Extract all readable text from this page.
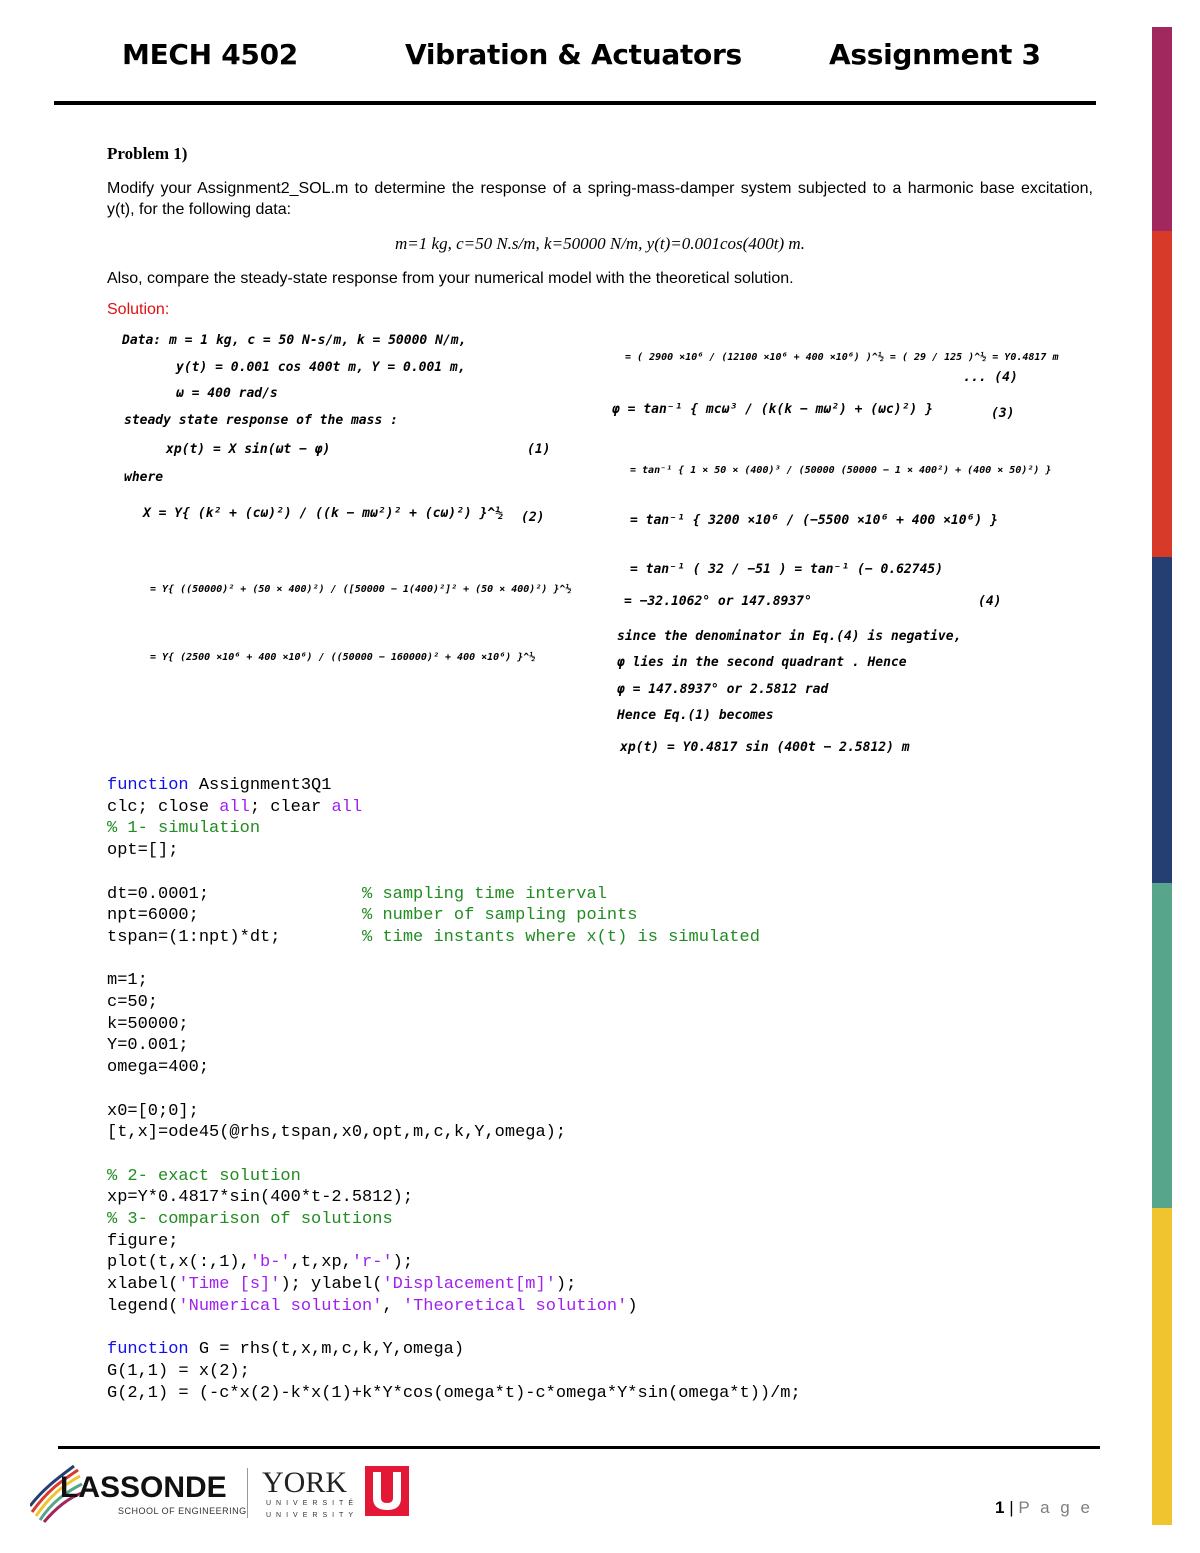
MECH 4502	Vibration & Actuators	Assignment 3
Problem 1)
Modify your Assignment2_SOL.m to determine the response of a spring-mass-damper system subjected to a harmonic base excitation, y(t), for the following data:
m=1 kg, c=50 N.s/m, k=50000 N/m, y(t)=0.001cos(400t) m.
Also, compare the steady-state response from your numerical model with the theoretical solution.
Solution:
Data: m = 1 kg, c = 50 N-s/m, k = 50000 N/m,
y(t) = 0.001 cos 400t m, Y = 0.001 m,
ω = 400 rad/s
steady state response of the mass :
xp(t) = X sin(ωt − φ)	(1)
where
X = Y{ (k² + (cω)²) / ((k − mω²)² + (cω)²) }^½ (2)
= Y{ ((50000)² + (50 × 400)²) / ([50000 − 1(400)²]² + (50 × 400)²) }^½
= Y{ (2500 ×10⁶ + 400 ×10⁶) / ((50000 − 160000)² + 400 ×10⁶) }^½
= ( 2900 ×10⁶ / (12100 ×10⁶ + 400 ×10⁶) )^½ = ( 29 / 125 )^½ = Y0.4817 m
... (4)
φ = tan⁻¹ { mcω³ / (k(k − mω²) + (ωc)²) }	(3)
= tan⁻¹ { 1 × 50 × (400)³ / (50000 (50000 − 1 × 400²) + (400 × 50)²) }
= tan⁻¹ { 3200 ×10⁶ / (−5500 ×10⁶ + 400 ×10⁶) }
= tan⁻¹ ( 32 / −51 ) = tan⁻¹ (− 0.62745)
= −32.1062° or 147.8937°	(4)
since the denominator in Eq.(4) is negative,
φ lies in the second quadrant . Hence
φ = 147.8937° or 2.5812 rad
Hence Eq.(1) becomes
xp(t) = Y0.4817 sin (400t − 2.5812) m
function Assignment3Q1
clc; close all; clear all
% 1- simulation
opt=[];

dt=0.0001;               % sampling time interval
npt=6000;                % number of sampling points
tspan=(1:npt)*dt;        % time instants where x(t) is simulated

m=1;
c=50;
k=50000;
Y=0.001;
omega=400;

x0=[0;0];
[t,x]=ode45(@rhs,tspan,x0,opt,m,c,k,Y,omega);

% 2- exact solution
xp=Y*0.4817*sin(400*t-2.5812);
% 3- comparison of solutions
figure;
plot(t,x(:,1),'b-',t,xp,'r-');
xlabel('Time [s]'); ylabel('Displacement[m]');
legend('Numerical solution', 'Theoretical solution')

function G = rhs(t,x,m,c,k,Y,omega)
G(1,1) = x(2);
G(2,1) = (-c*x(2)-k*x(1)+k*Y*cos(omega*t)-c*omega*Y*sin(omega*t))/m;
LASSONDE
SCHOOL OF ENGINEERING
YORK
UNIVERSITÉ
UNIVERSITY	1 | P a g e
